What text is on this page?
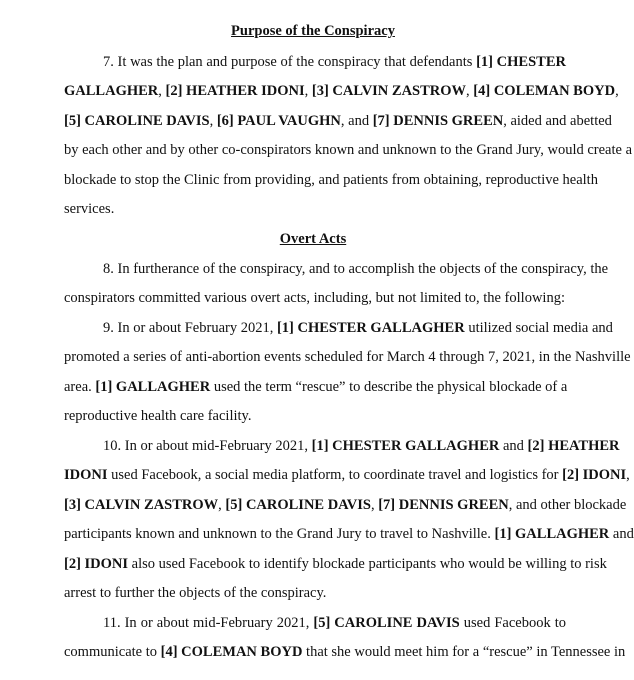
Purpose of the Conspiracy
7. It was the plan and purpose of the conspiracy that defendants [1] CHESTER
GALLAGHER, [2] HEATHER IDONI, [3] CALVIN ZASTROW, [4] COLEMAN BOYD,
[5] CAROLINE DAVIS, [6] PAUL VAUGHN, and [7] DENNIS GREEN, aided and abetted
by each other and by other co-conspirators known and unknown to the Grand Jury, would create a
blockade to stop the Clinic from providing, and patients from obtaining, reproductive health
services.
Overt Acts
8. In furtherance of the conspiracy, and to accomplish the objects of the conspiracy, the
conspirators committed various overt acts, including, but not limited to, the following:
9. In or about February 2021, [1] CHESTER GALLAGHER utilized social media and
promoted a series of anti-abortion events scheduled for March 4 through 7, 2021, in the Nashville
area. [1] GALLAGHER used the term “rescue” to describe the physical blockade of a
reproductive health care facility.
10. In or about mid-February 2021, [1] CHESTER GALLAGHER and [2] HEATHER
IDONI used Facebook, a social media platform, to coordinate travel and logistics for [2] IDONI,
[3] CALVIN ZASTROW, [5] CAROLINE DAVIS, [7] DENNIS GREEN, and other blockade
participants known and unknown to the Grand Jury to travel to Nashville. [1] GALLAGHER and
[2] IDONI also used Facebook to identify blockade participants who would be willing to risk
arrest to further the objects of the conspiracy.
11. In or about mid-February 2021, [5] CAROLINE DAVIS used Facebook to
communicate to [4] COLEMAN BOYD that she would meet him for a “rescue” in Tennessee in
